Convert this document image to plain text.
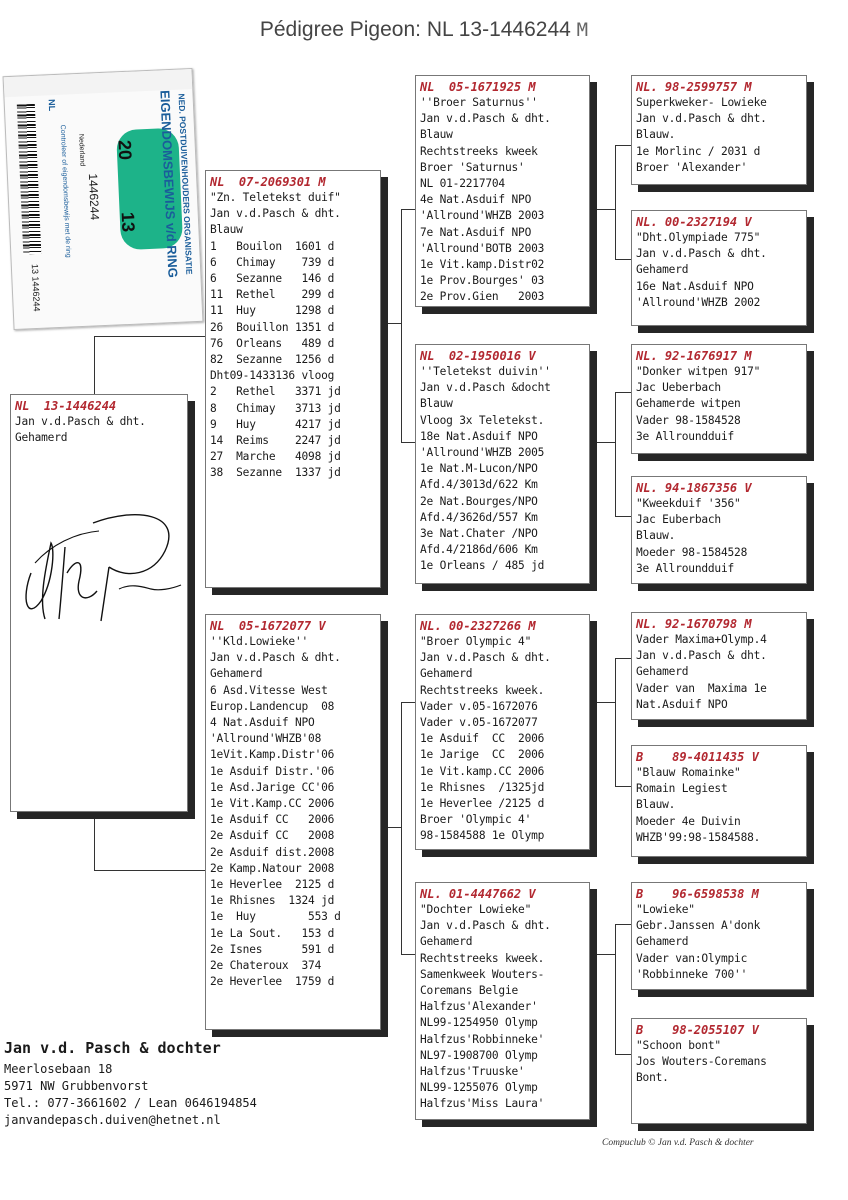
Pédigree Pigeon: NL 13-1446244 M
13 1446244
NL
Controleer of eigendomsbewijs met de ring Nederland
1446244
20
13 EIGENDOMSBEWIJS v/d RING
NED. POSTDUIVENHOUDERS ORGANISATIE
NL  13-1446244
Jan v.d.Pasch & dht.
Gehamerd
NL  07-2069301 M
"Zn. Teletekst duif"
Jan v.d.Pasch & dht.
Blauw
1   Bouilon  1601 d
6   Chimay    739 d
6   Sezanne   146 d
11  Rethel    299 d
11  Huy      1298 d
26  Bouillon 1351 d
76  Orleans   489 d
82  Sezanne  1256 d
Dht09-1433136 vloog
2   Rethel   3371 jd
8   Chimay   3713 jd
9   Huy      4217 jd
14  Reims    2247 jd
27  Marche   4098 jd
38  Sezanne  1337 jd
NL  05-1672077 V
''Kld.Lowieke''
Jan v.d.Pasch & dht.
Gehamerd
6 Asd.Vitesse West
Europ.Landencup  08
4 Nat.Asduif NPO
'Allround'WHZB'08
1eVit.Kamp.Distr'06
1e Asduif Distr.'06
1e Asd.Jarige CC'06
1e Vit.Kamp.CC 2006
1e Asduif CC   2006
2e Asduif CC   2008
2e Asduif dist.2008
2e Kamp.Natour 2008
1e Heverlee  2125 d
1e Rhisnes  1324 jd
1e  Huy        553 d
1e La Sout.   153 d
2e Isnes      591 d
2e Chateroux  374
2e Heverlee  1759 d
NL  05-1671925 M
''Broer Saturnus''
Jan v.d.Pasch & dht.
Blauw
Rechtstreeks kweek
Broer 'Saturnus'
NL 01-2217704
4e Nat.Asduif NPO
'Allround'WHZB 2003
7e Nat.Asduif NPO
'Allround'BOTB 2003
1e Vit.kamp.Distr02
1e Prov.Bourges' 03
2e Prov.Gien   2003
NL  02-1950016 V
''Teletekst duivin''
Jan v.d.Pasch &docht
Blauw
Vloog 3x Teletekst.
18e Nat.Asduif NPO
'Allround'WHZB 2005
1e Nat.M-Lucon/NPO
Afd.4/3013d/622 Km
2e Nat.Bourges/NPO
Afd.4/3626d/557 Km
3e Nat.Chater /NPO
Afd.4/2186d/606 Km
1e Orleans / 485 jd
NL. 00-2327266 M
"Broer Olympic 4"
Jan v.d.Pasch & dht.
Gehamerd
Rechtstreeks kweek.
Vader v.05-1672076
Vader v.05-1672077
1e Asduif  CC  2006
1e Jarige  CC  2006
1e Vit.kamp.CC 2006
1e Rhisnes  /1325jd
1e Heverlee /2125 d
Broer 'Olympic 4'
98-1584588 1e Olymp
NL. 01-4447662 V
"Dochter Lowieke"
Jan v.d.Pasch & dht.
Gehamerd
Rechtstreeks kweek.
Samenkweek Wouters-
Coremans Belgie
Halfzus'Alexander'
NL99-1254950 Olymp
Halfzus'Robbinneke'
NL97-1908700 Olymp
Halfzus'Truuske'
NL99-1255076 Olymp
Halfzus'Miss Laura'
NL. 98-2599757 M
Superkweker- Lowieke
Jan v.d.Pasch & dht.
Blauw.
1e Morlinc / 2031 d
Broer 'Alexander'
NL. 00-2327194 V
"Dht.Olympiade 775"
Jan v.d.Pasch & dht.
Gehamerd
16e Nat.Asduif NPO
'Allround'WHZB 2002
NL. 92-1676917 M
"Donker witpen 917"
Jac Ueberbach
Gehamerde witpen
Vader 98-1584528
3e Allroundduif
NL. 94-1867356 V
"Kweekduif '356"
Jac Euberbach
Blauw.
Moeder 98-1584528
3e Allroundduif
NL. 92-1670798 M
Vader Maxima+Olymp.4
Jan v.d.Pasch & dht.
Gehamerd
Vader van  Maxima 1e
Nat.Asduif NPO
B    89-4011435 V
"Blauw Romainke"
Romain Legiest
Blauw.
Moeder 4e Duivin
WHZB'99:98-1584588.
B    96-6598538 M
"Lowieke"
Gebr.Janssen A'donk
Gehamerd
Vader van:Olympic
'Robbinneke 700''
B    98-2055107 V
"Schoon bont"
Jos Wouters-Coremans
Bont.
Jan v.d. Pasch & dochter
Meerlosebaan 18
5971 NW Grubbenvorst
Tel.: 077-3661602 / Lean 0646194854
janvandepasch.duiven@hetnet.nl
Compuclub © Jan v.d. Pasch & dochter
